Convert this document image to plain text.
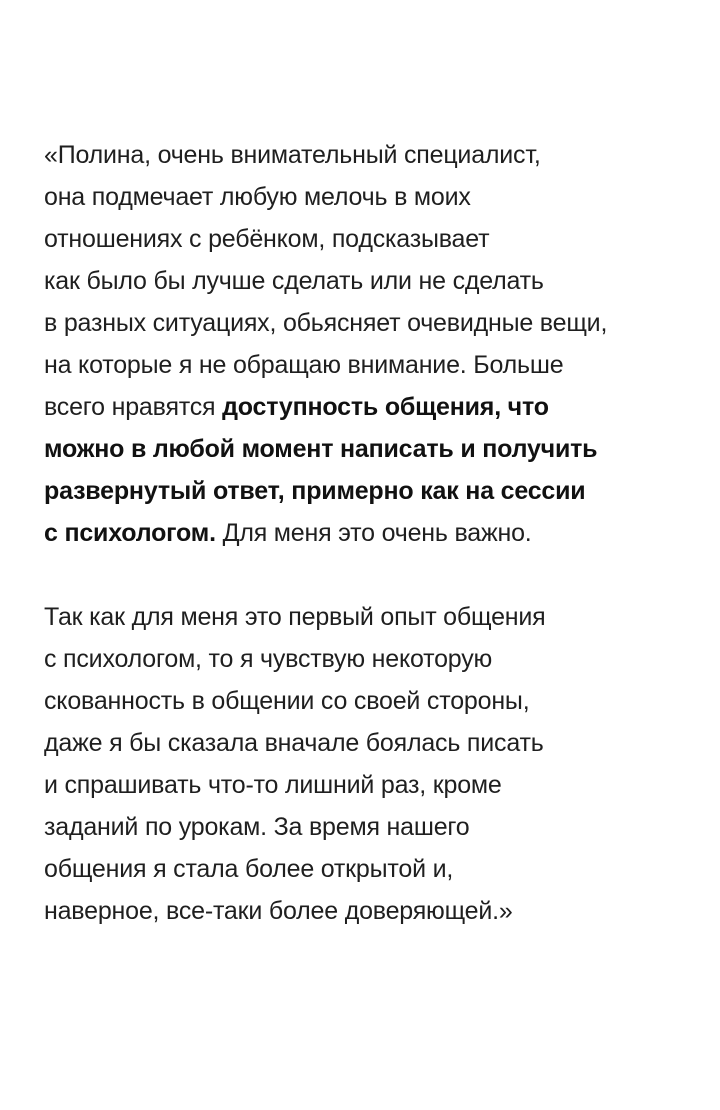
«Полина, очень внимательный специалист,
она подмечает любую мелочь в моих
отношениях с ребёнком, подсказывает
как было бы лучше сделать или не сделать
в разных ситуациях, обьясняет очевидные вещи,
на которые я не обращаю внимание. Больше
всего нравятся доступность общения, что
можно в любой момент написать и получить
развернутый ответ, примерно как на сессии
с психологом. Для меня это очень важно.

Так как для меня это первый опыт общения
с психологом, то я чувствую некоторую
скованность в общении со своей стороны,
даже я бы сказала вначале боялась писать
и спрашивать что-то лишний раз, кроме
заданий по урокам. За время нашего
общения я стала более открытой и,
наверное, все-таки более доверяющей.»
